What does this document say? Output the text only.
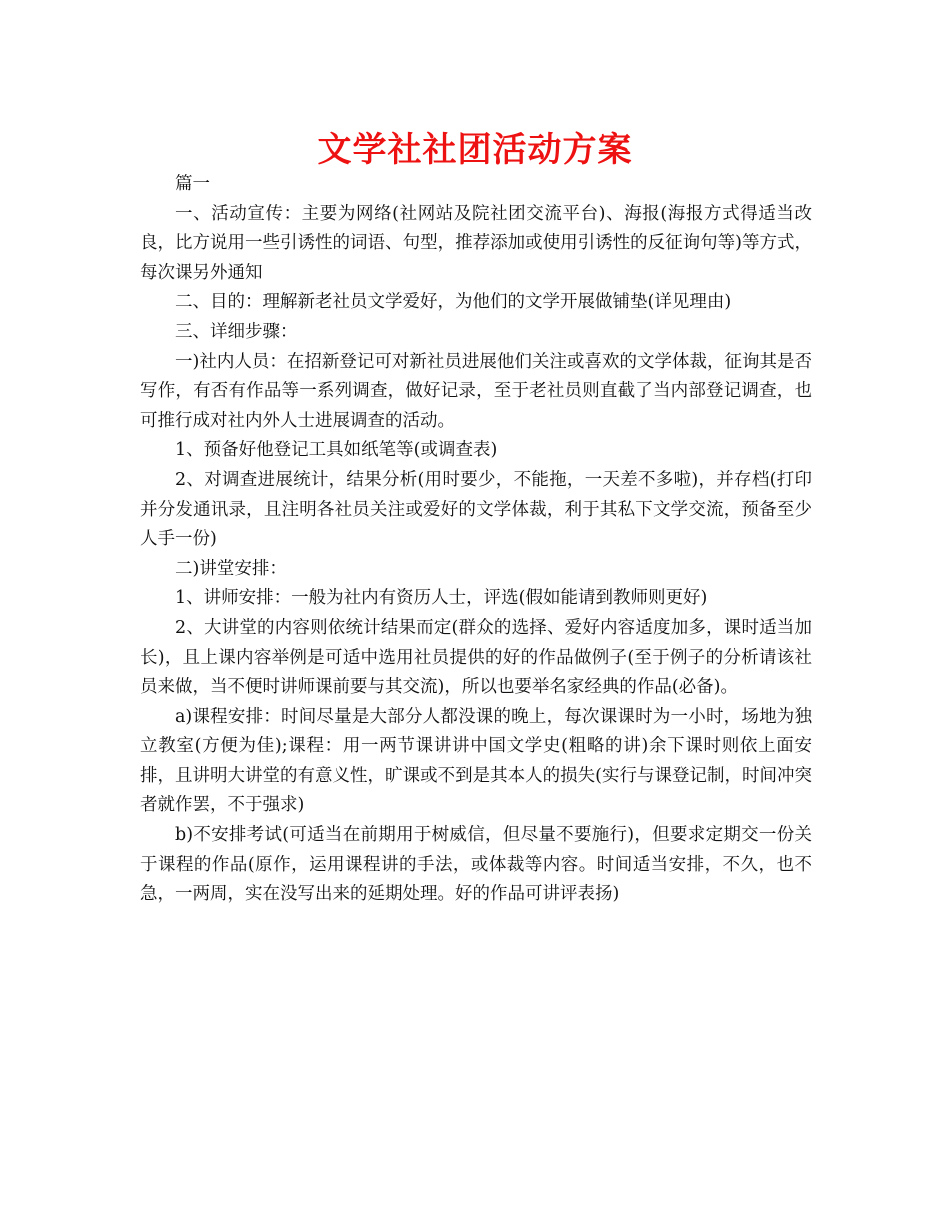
文学社社团活动方案

篇一

一、活动宣传：主要为网络(社网站及院社团交流平台)、海报(海报方式得适当改良，比方说用一些引诱性的词语、句型，推荐添加或使用引诱性的反征询句等)等方式，每次课另外通知

二、目的：理解新老社员文学爱好，为他们的文学开展做铺垫(详见理由)

三、详细步骤：

一)社内人员：在招新登记可对新社员进展他们关注或喜欢的文学体裁，征询其是否写作，有否有作品等一系列调查，做好记录，至于老社员则直截了当内部登记调查，也可推行成对社内外人士进展调查的活动。

1、预备好他登记工具如纸笔等(或调查表)

2、对调查进展统计，结果分析(用时要少，不能拖，一天差不多啦)，并存档(打印并分发通讯录，且注明各社员关注或爱好的文学体裁，利于其私下文学交流，预备至少人手一份)

二)讲堂安排：

1、讲师安排：一般为社内有资历人士，评选(假如能请到教师则更好)

2、大讲堂的内容则依统计结果而定(群众的选择、爱好内容适度加多，课时适当加长)，且上课内容举例是可适中选用社员提供的好的作品做例子(至于例子的分析请该社员来做，当不便时讲师课前要与其交流)，所以也要举名家经典的作品(必备)。

a)课程安排：时间尽量是大部分人都没课的晚上，每次课课时为一小时，场地为独立教室(方便为佳);课程：用一两节课讲讲中国文学史(粗略的讲)余下课时则依上面安排，且讲明大讲堂的有意义性，旷课或不到是其本人的损失(实行与课登记制，时间冲突者就作罢，不于强求)

b)不安排考试(可适当在前期用于树威信，但尽量不要施行)，但要求定期交一份关于课程的作品(原作，运用课程讲的手法，或体裁等内容。时间适当安排，不久，也不急，一两周，实在没写出来的延期处理。好的作品可讲评表扬)
